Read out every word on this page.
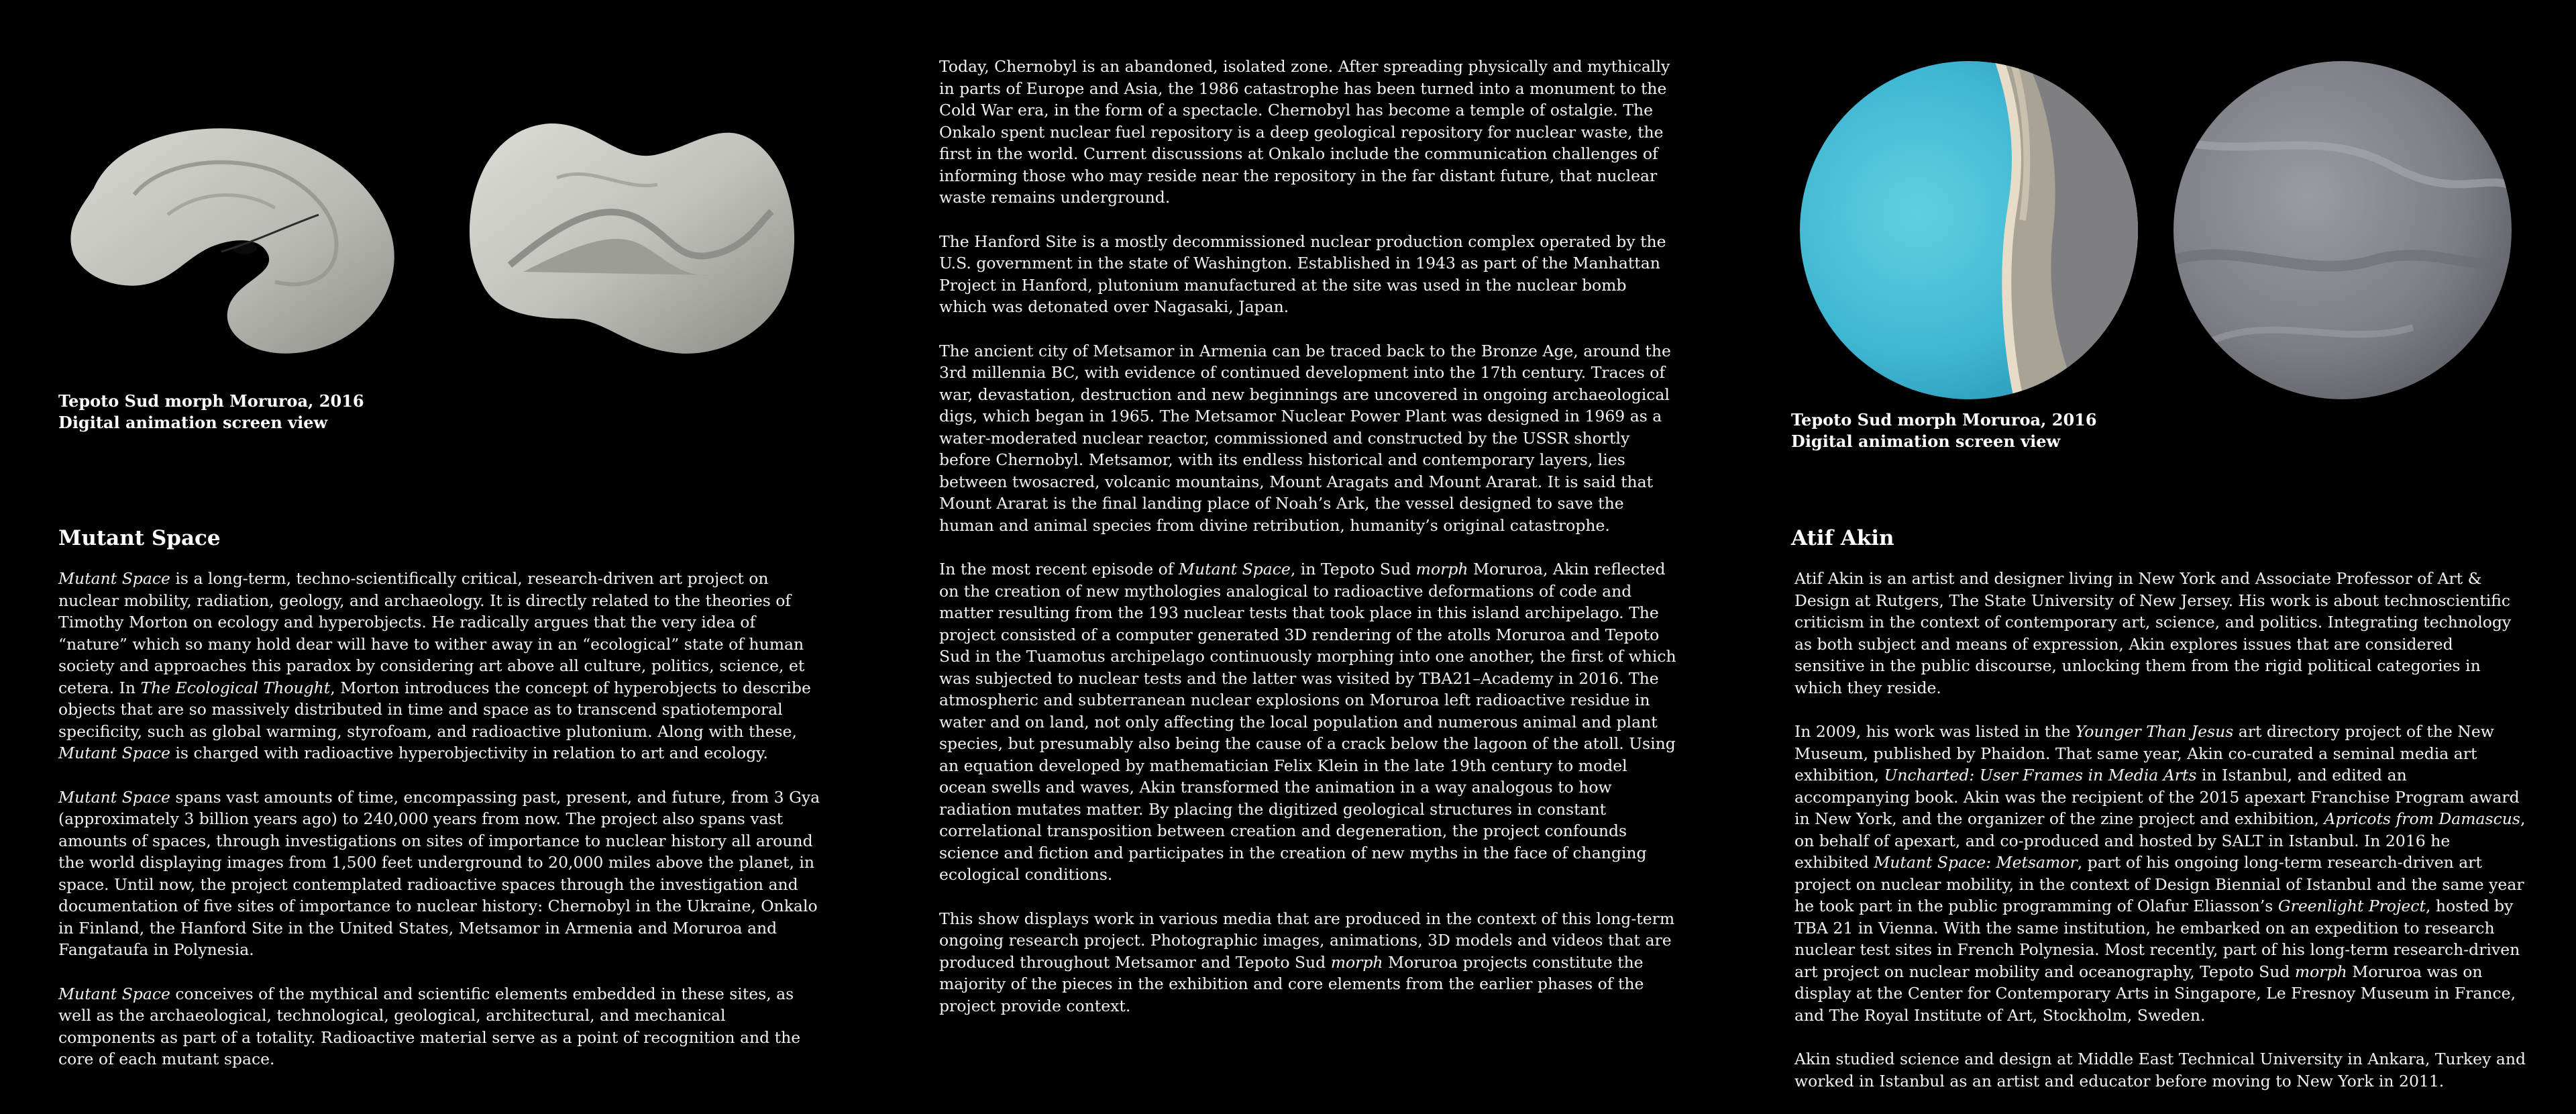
Tepoto Sud morph Moruroa, 2016
Digital animation screen view
Mutant Space

Mutant Space is a long-term, techno-scientifically critical, research-driven art project on nuclear mobility, radiation, geology, and archaeology. It is directly related to the theories of Timothy Morton on ecology and hyperobjects. He radically argues that the very idea of “nature” which so many hold dear will have to wither away in an “ecological” state of human society and approaches this paradox by considering art above all culture, politics, science, et cetera. In The Ecological Thought, Morton introduces the concept of hyperobjects to describe objects that are so massively distributed in time and space as to transcend spatiotemporal specificity, such as global warming, styrofoam, and radioactive plutonium. Along with these, Mutant Space is charged with radioactive hyperobjectivity in relation to art and ecology.

Mutant Space spans vast amounts of time, encompassing past, present, and future, from 3 Gya (approximately 3 billion years ago) to 240,000 years from now. The project also spans vast amounts of spaces, through investigations on sites of importance to nuclear history all around the world displaying images from 1,500 feet underground to 20,000 miles above the planet, in space. Until now, the project contemplated radioactive spaces through the investigation and documentation of five sites of importance to nuclear history: Chernobyl in the Ukraine, Onkalo in Finland, the Hanford Site in the United States, Metsamor in Armenia and Moruroa and Fangataufa in Polynesia.

Mutant Space conceives of the mythical and scientific elements embedded in these sites, as well as the archaeological, technological, geological, architectural, and mechanical components as part of a totality. Radioactive material serve as a point of recognition and the core of each mutant space.

Today, Chernobyl is an abandoned, isolated zone. After spreading physically and mythically in parts of Europe and Asia, the 1986 catastrophe has been turned into a monument to the Cold War era, in the form of a spectacle. Chernobyl has become a temple of ostalgie. The Onkalo spent nuclear fuel repository is a deep geological repository for nuclear waste, the first in the world. Current discussions at Onkalo include the communication challenges of informing those who may reside near the repository in the far distant future, that nuclear waste remains underground.

The Hanford Site is a mostly decommissioned nuclear production complex operated by the U.S. government in the state of Washington. Established in 1943 as part of the Manhattan Project in Hanford, plutonium manufactured at the site was used in the nuclear bomb which was detonated over Nagasaki, Japan.

The ancient city of Metsamor in Armenia can be traced back to the Bronze Age, around the 3rd millennia BC, with evidence of continued development into the 17th century. Traces of war, devastation, destruction and new beginnings are uncovered in ongoing archaeological digs, which began in 1965. The Metsamor Nuclear Power Plant was designed in 1969 as a water-moderated nuclear reactor, commissioned and constructed by the USSR shortly before Chernobyl. Metsamor, with its endless historical and contemporary layers, lies between twosacred, volcanic mountains, Mount Aragats and Mount Ararat. It is said that Mount Ararat is the final landing place of Noah’s Ark, the vessel designed to save the human and animal species from divine retribution, humanity’s original catastrophe.

In the most recent episode of Mutant Space, in Tepoto Sud morph Moruroa, Akin reflected on the creation of new mythologies analogical to radioactive deformations of code and matter resulting from the 193 nuclear tests that took place in this island archipelago. The project consisted of a computer generated 3D rendering of the atolls Moruroa and Tepoto Sud in the Tuamotus archipelago continuously morphing into one another, the first of which was subjected to nuclear tests and the latter was visited by TBA21–Academy in 2016. The atmospheric and subterranean nuclear explosions on Moruroa left radioactive residue in water and on land, not only affecting the local population and numerous animal and plant species, but presumably also being the cause of a crack below the lagoon of the atoll. Using an equation developed by mathematician Felix Klein in the late 19th century to model ocean swells and waves, Akin transformed the animation in a way analogous to how radiation mutates matter. By placing the digitized geological structures in constant correlational transposition between creation and degeneration, the project confounds science and fiction and participates in the creation of new myths in the face of changing ecological conditions.

This show displays work in various media that are produced in the context of this long-term ongoing research project. Photographic images, animations, 3D models and videos that are produced throughout Metsamor and Tepoto Sud morph Moruroa projects constitute the majority of the pieces in the exhibition and core elements from the earlier phases of the project provide context.

Tepoto Sud morph Moruroa, 2016
Digital animation screen view
Atif Akin

Atif Akin is an artist and designer living in New York and Associate Professor of Art & Design at Rutgers, The State University of New Jersey. His work is about technoscientific criticism in the context of contemporary art, science, and politics. Integrating technology as both subject and means of expression, Akin explores issues that are considered sensitive in the public discourse, unlocking them from the rigid political categories in which they reside.

In 2009, his work was listed in the Younger Than Jesus art directory project of the New Museum, published by Phaidon. That same year, Akin co-curated a seminal media art exhibition, Uncharted: User Frames in Media Arts in Istanbul, and edited an accompanying book. Akin was the recipient of the 2015 apexart Franchise Program award in New York, and the organizer of the zine project and exhibition, Apricots from Damascus, on behalf of apexart, and co-produced and hosted by SALT in Istanbul. In 2016 he exhibited Mutant Space: Metsamor, part of his ongoing long-term research-driven art project on nuclear mobility, in the context of Design Biennial of Istanbul and the same year he took part in the public programming of Olafur Eliasson’s Greenlight Project, hosted by TBA 21 in Vienna. With the same institution, he embarked on an expedition to research nuclear test sites in French Polynesia. Most recently, part of his long-term research-driven art project on nuclear mobility and oceanography, Tepoto Sud morph Moruroa was on display at the Center for Contemporary Arts in Singapore, Le Fresnoy Museum in France, and The Royal Institute of Art, Stockholm, Sweden.

Akin studied science and design at Middle East Technical University in Ankara, Turkey and worked in Istanbul as an artist and educator before moving to New York in 2011.
